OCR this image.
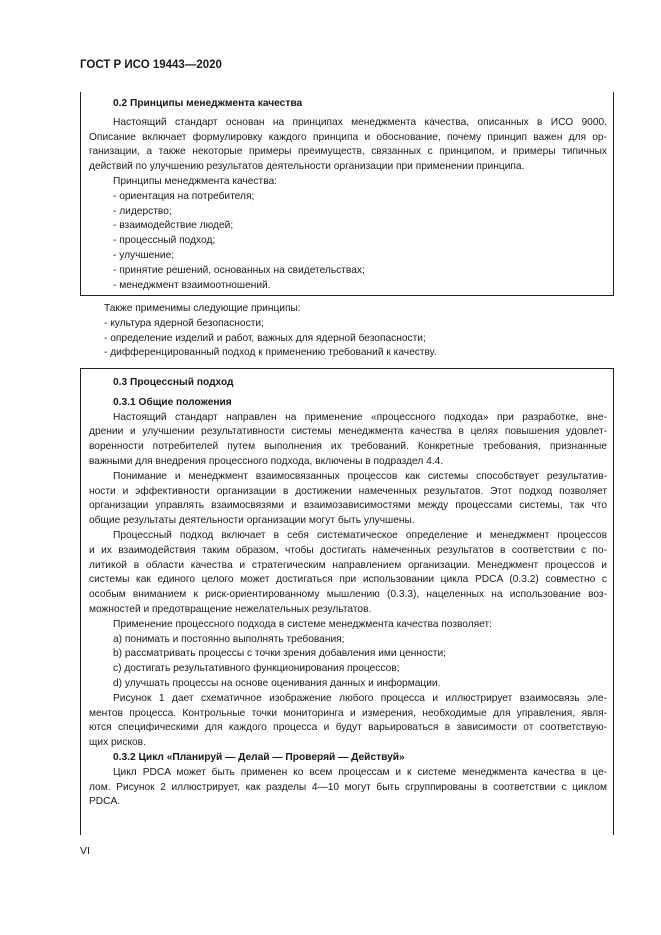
ГОСТ Р ИСО 19443—2020
0.2 Принципы менеджмента качества
Настоящий стандарт основан на принципах менеджмента качества, описанных в ИСО 9000.
Описание включает формулировку каждого принципа и обоснование, почему принцип важен для ор-
ганизации, а также некоторые примеры преимуществ, связанных с принципом, и примеры типичных
действий по улучшению результатов деятельности организации при применении принципа.
Принципы менеджмента качества:
- ориентация на потребителя;
- лидерство;
- взаимодействие людей;
- процессный подход;
- улучшение;
- принятие решений, основанных на свидетельствах;
- менеджмент взаимоотношений.
Также применимы следующие принципы:
- культура ядерной безопасности;
- определение изделий и работ, важных для ядерной безопасности;
- дифференцированный подход к применению требований к качеству.
0.3 Процессный подход
0.3.1 Общие положения
Настоящий стандарт направлен на применение «процессного подхода» при разработке, вне-
дрении и улучшении результативности системы менеджмента качества в целях повышения удовлет-
воренности потребителей путем выполнения их требований. Конкретные требования, признанные
важными для внедрения процессного подхода, включены в подраздел 4.4.
Понимание и менеджмент взаимосвязанных процессов как системы способствует результатив-
ности и эффективности организации в достижении намеченных результатов. Этот подход позволяет
организации управлять взаимосвязями и взаимозависимостями между процессами системы, так что
общие результаты деятельности организации могут быть улучшены.
Процессный подход включает в себя систематическое определение и менеджмент процессов
и их взаимодействия таким образом, чтобы достигать намеченных результатов в соответствии с по-
литикой в области качества и стратегическим направлением организации. Менеджмент процессов и
системы как единого целого может достигаться при использовании цикла PDCA (0.3.2) совместно с
особым вниманием к риск-ориентированному мышлению (0.3.3), нацеленных на использование воз-
можностей и предотвращение нежелательных результатов.
Применение процессного подхода в системе менеджмента качества позволяет:
a) понимать и постоянно выполнять требования;
b) рассматривать процессы с точки зрения добавления ими ценности;
c) достигать результативного функционирования процессов;
d) улучшать процессы на основе оценивания данных и информации.
Рисунок 1 дает схематичное изображение любого процесса и иллюстрирует взаимосвязь эле-
ментов процесса. Контрольные точки мониторинга и измерения, необходимые для управления, явля-
ются специфическими для каждого процесса и будут варьироваться в зависимости от соответствую-
щих рисков.
0.3.2 Цикл «Планируй — Делай — Проверяй — Действуй»
Цикл PDCA может быть применен ко всем процессам и к системе менеджмента качества в це-
лом. Рисунок 2 иллюстрирует, как разделы 4—10 могут быть сгруппированы в соответствии с циклом
PDCA.
VI
